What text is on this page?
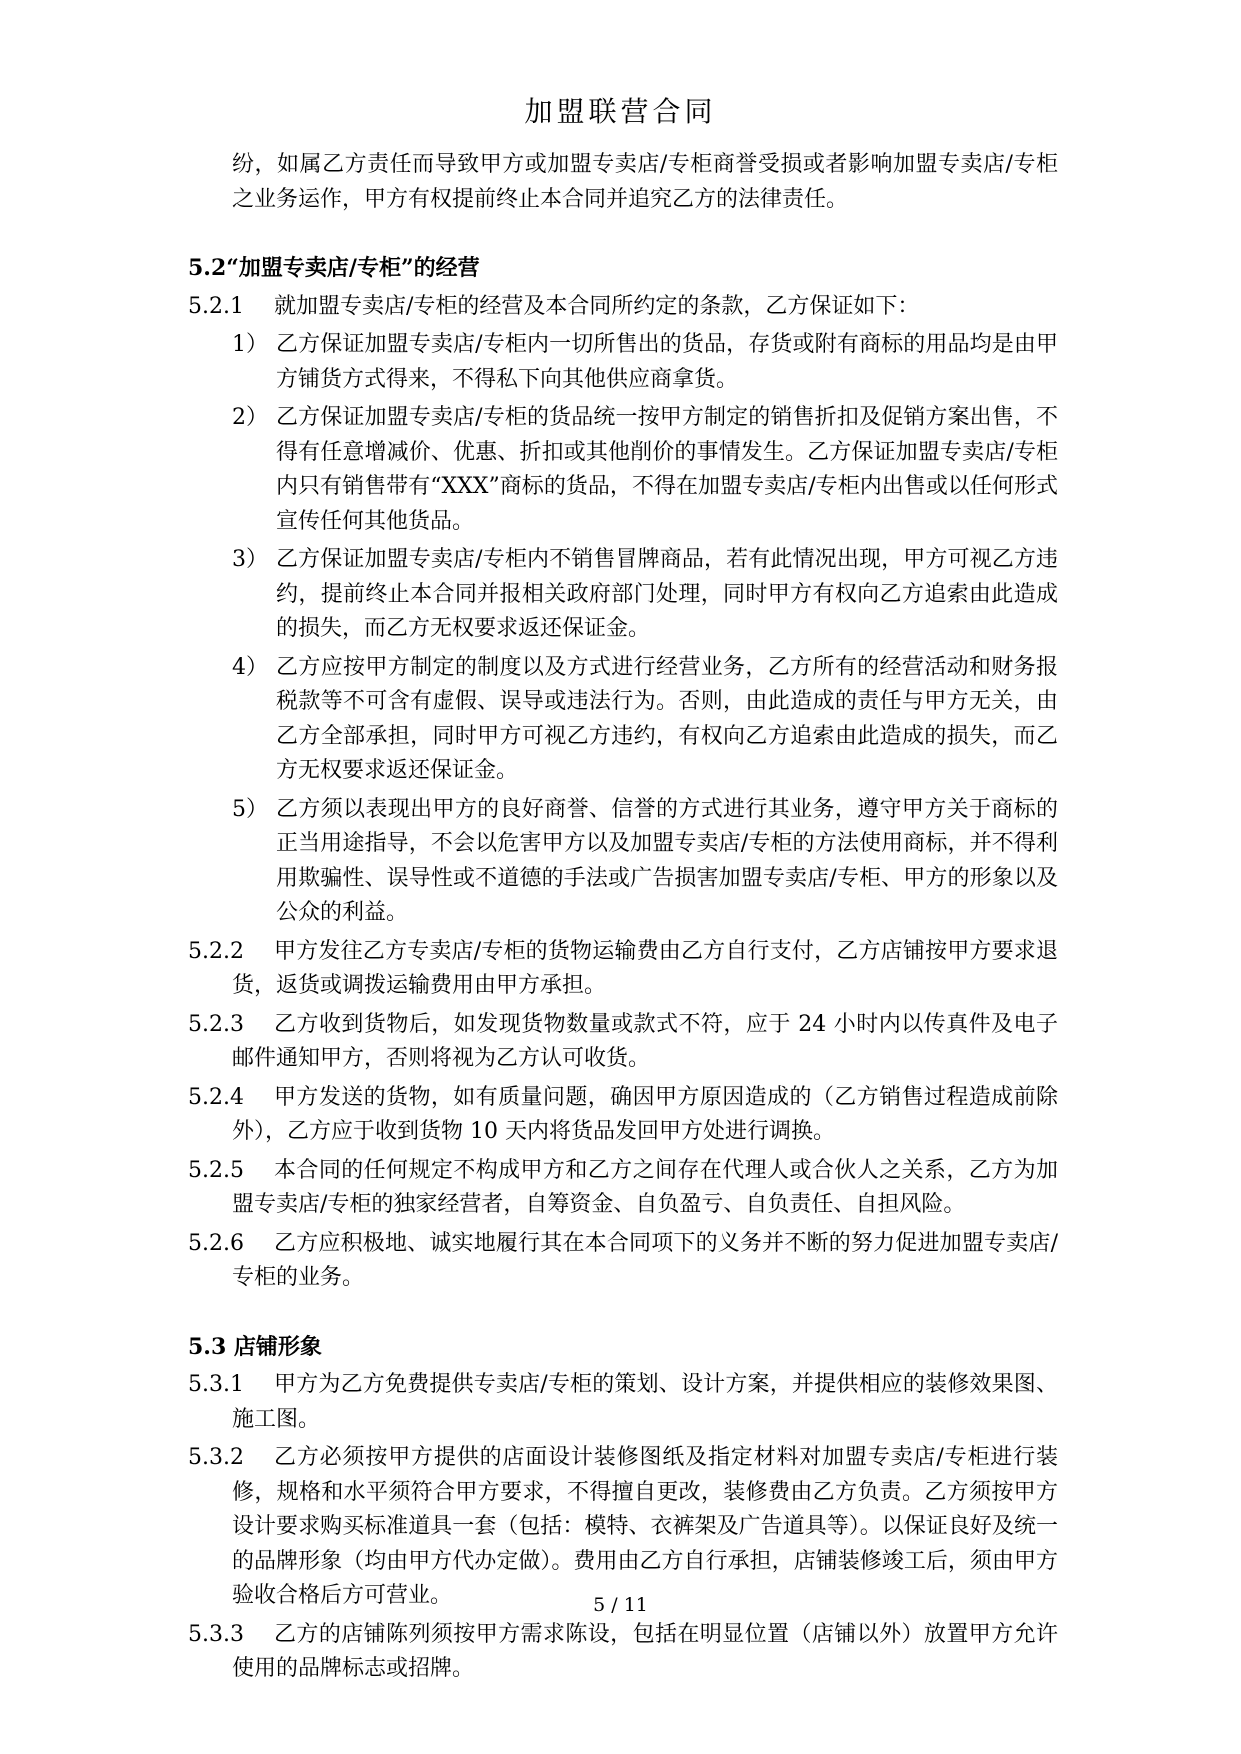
加盟联营合同

纷，如属乙方责任而导致甲方或加盟专卖店/专柜商誉受损或者影响加盟专卖店/专柜之业务运作，甲方有权提前终止本合同并追究乙方的法律责任。

5.2“加盟专卖店/专柜”的经营

5.2.1	就加盟专卖店/专柜的经营及本合同所约定的条款，乙方保证如下：

1） 乙方保证加盟专卖店/专柜内一切所售出的货品，存货或附有商标的用品均是由甲方铺货方式得来，不得私下向其他供应商拿货。

2） 乙方保证加盟专卖店/专柜的货品统一按甲方制定的销售折扣及促销方案出售，不得有任意增减价、优惠、折扣或其他削价的事情发生。乙方保证加盟专卖店/专柜内只有销售带有“XXX”商标的货品，不得在加盟专卖店/专柜内出售或以任何形式宣传任何其他货品。

3） 乙方保证加盟专卖店/专柜内不销售冒牌商品，若有此情况出现，甲方可视乙方违约，提前终止本合同并报相关政府部门处理，同时甲方有权向乙方追索由此造成的损失，而乙方无权要求返还保证金。

4） 乙方应按甲方制定的制度以及方式进行经营业务，乙方所有的经营活动和财务报税款等不可含有虚假、误导或违法行为。否则，由此造成的责任与甲方无关，由乙方全部承担，同时甲方可视乙方违约，有权向乙方追索由此造成的损失，而乙方无权要求返还保证金。

5） 乙方须以表现出甲方的良好商誉、信誉的方式进行其业务，遵守甲方关于商标的正当用途指导，不会以危害甲方以及加盟专卖店/专柜的方法使用商标，并不得利用欺骗性、误导性或不道德的手法或广告损害加盟专卖店/专柜、甲方的形象以及公众的利益。

5.2.2	甲方发往乙方专卖店/专柜的货物运输费由乙方自行支付，乙方店铺按甲方要求退货，返货或调拨运输费用由甲方承担。

5.2.3	乙方收到货物后，如发现货物数量或款式不符，应于 24 小时内以传真件及电子邮件通知甲方，否则将视为乙方认可收货。

5.2.4	甲方发送的货物，如有质量问题，确因甲方原因造成的（乙方销售过程造成前除外），乙方应于收到货物 10 天内将货品发回甲方处进行调换。

5.2.5	本合同的任何规定不构成甲方和乙方之间存在代理人或合伙人之关系，乙方为加盟专卖店/专柜的独家经营者，自筹资金、自负盈亏、自负责任、自担风险。

5.2.6	乙方应积极地、诚实地履行其在本合同项下的义务并不断的努力促进加盟专卖店/专柜的业务。

5.3 店铺形象

5.3.1	甲方为乙方免费提供专卖店/专柜的策划、设计方案，并提供相应的装修效果图、施工图。

5.3.2	乙方必须按甲方提供的店面设计装修图纸及指定材料对加盟专卖店/专柜进行装修，规格和水平须符合甲方要求，不得擅自更改，装修费由乙方负责。乙方须按甲方设计要求购买标准道具一套（包括：模特、衣裤架及广告道具等）。以保证良好及统一的品牌形象（均由甲方代办定做）。费用由乙方自行承担，店铺装修竣工后，须由甲方验收合格后方可营业。

5.3.3	乙方的店铺陈列须按甲方需求陈设，包括在明显位置（店铺以外）放置甲方允许使用的品牌标志或招牌。

5 / 11
